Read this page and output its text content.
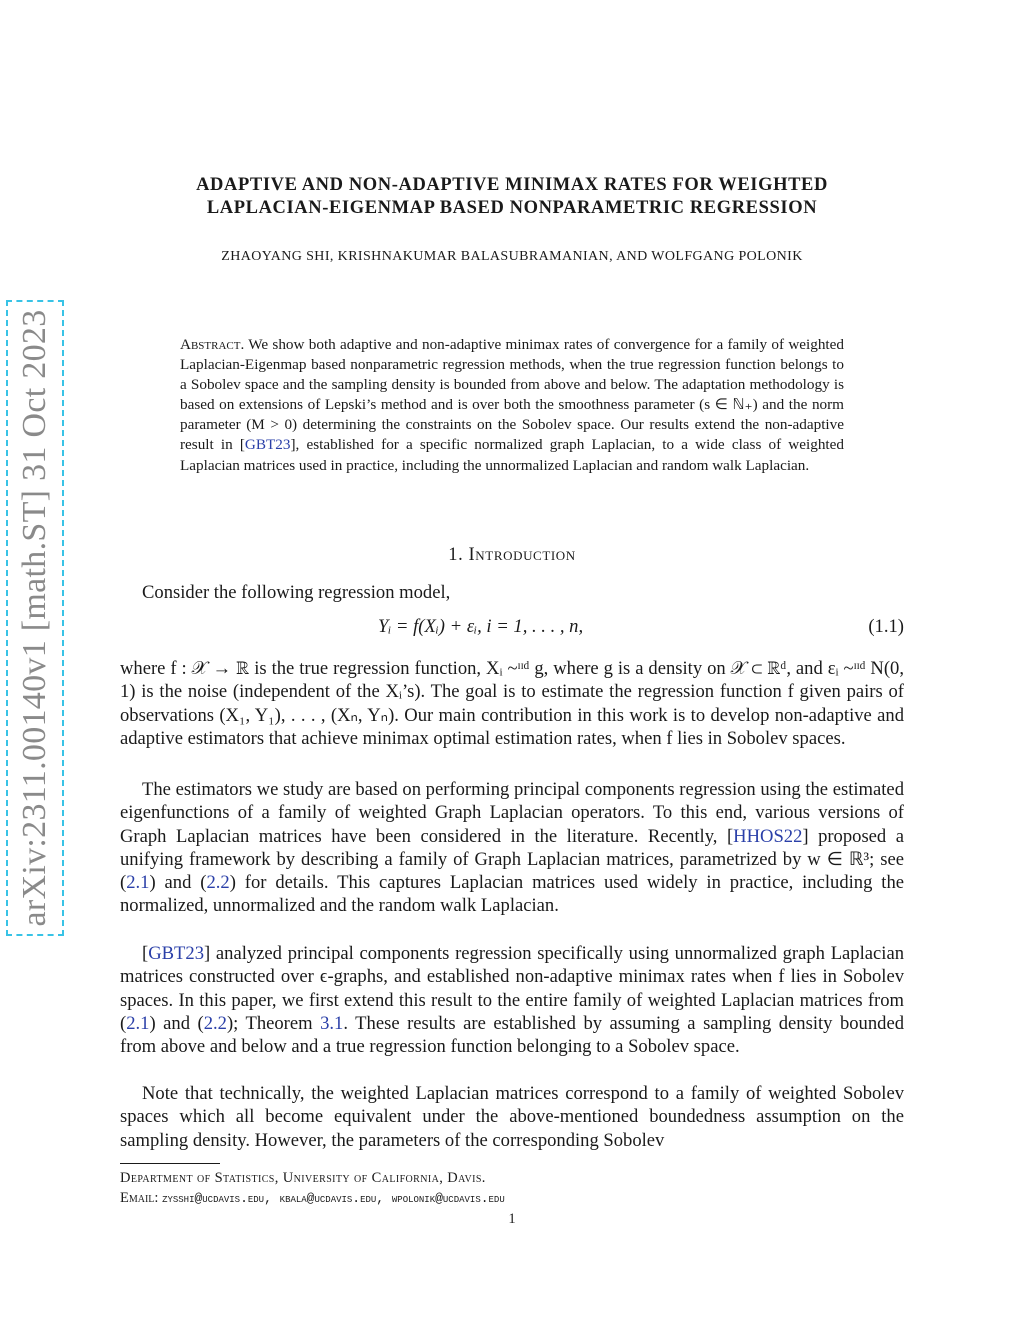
arXiv:2311.00140v1 [math.ST] 31 Oct 2023
ADAPTIVE AND NON-ADAPTIVE MINIMAX RATES FOR WEIGHTED
LAPLACIAN-EIGENMAP BASED NONPARAMETRIC REGRESSION
ZHAOYANG SHI, KRISHNAKUMAR BALASUBRAMANIAN, AND WOLFGANG POLONIK
Abstract. We show both adaptive and non-adaptive minimax rates of convergence for a family of weighted Laplacian-Eigenmap based nonparametric regression methods, when the true regression function belongs to a Sobolev space and the sampling density is bounded from above and below. The adaptation methodology is based on extensions of Lepski’s method and is over both the smoothness parameter (s ∈ ℕ₊) and the norm parameter (M > 0) determining the constraints on the Sobolev space. Our results extend the non-adaptive result in [GBT23], established for a specific normalized graph Laplacian, to a wide class of weighted Laplacian matrices used in practice, including the unnormalized Laplacian and random walk Laplacian.
1. Introduction
Consider the following regression model,
Yᵢ = f(Xᵢ) + εᵢ, i = 1, . . . , n,	(1.1)
where f : 𝒳 → ℝ is the true regression function, Xᵢ ~ᶦᶦᵈ g, where g is a density on 𝒳 ⊂ ℝᵈ, and εᵢ ~ᶦᶦᵈ N(0, 1) is the noise (independent of the Xᵢ’s). The goal is to estimate the regression function f given pairs of observations (X₁, Y₁), . . . , (Xₙ, Yₙ). Our main contribution in this work is to develop non-adaptive and adaptive estimators that achieve minimax optimal estimation rates, when f lies in Sobolev spaces.
The estimators we study are based on performing principal components regression using the estimated eigenfunctions of a family of weighted Graph Laplacian operators. To this end, various versions of Graph Laplacian matrices have been considered in the literature. Recently, [HHOS22] proposed a unifying framework by describing a family of Graph Laplacian matrices, parametrized by w ∈ ℝ³; see (2.1) and (2.2) for details. This captures Laplacian matrices used widely in practice, including the normalized, unnormalized and the random walk Laplacian.
[GBT23] analyzed principal components regression specifically using unnormalized graph Laplacian matrices constructed over ϵ-graphs, and established non-adaptive minimax rates when f lies in Sobolev spaces. In this paper, we first extend this result to the entire family of weighted Laplacian matrices from (2.1) and (2.2); Theorem 3.1. These results are established by assuming a sampling density bounded from above and below and a true regression function belonging to a Sobolev space.
Note that technically, the weighted Laplacian matrices correspond to a family of weighted Sobolev spaces which all become equivalent under the above-mentioned boundedness assumption on the sampling density. However, the parameters of the corresponding Sobolev
Department of Statistics, University of California, Davis.
Email: zysshi@ucdavis.edu, kbala@ucdavis.edu, wpolonik@ucdavis.edu
1
